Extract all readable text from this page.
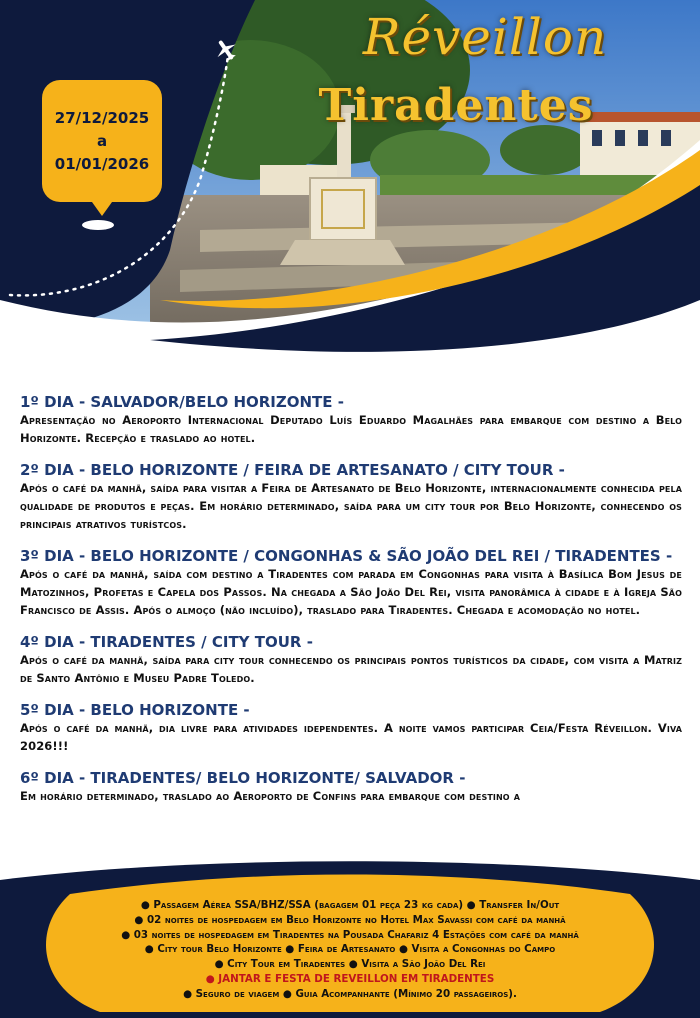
Réveillon
Tiradentes
27/12/2025
a
01/01/2026
1º DIA - SALVADOR/BELO HORIZONTE -
Apresentação no Aeroporto Internacional Deputado Luís Eduardo Magalhães para embarque com destino a Belo Horizonte. Recepção e traslado ao hotel.
2º DIA - BELO HORIZONTE / FEIRA DE ARTESANATO / CITY TOUR -
Após o café da manhã, saída para visitar a Feira de Artesanato de Belo Horizonte, internacionalmente conhecida pela qualidade de produtos e peças. Em horário determinado, saída para um city tour por Belo Horizonte, conhecendo os principais atrativos turístcos.
3º DIA - BELO HORIZONTE / CONGONHAS & SÃO JOÃO DEL REI / TIRADENTES -
Após o café da manhã, saída com destino a Tiradentes com parada em Congonhas para visita à Basílica Bom Jesus de Matozinhos, Profetas e Capela dos Passos. Na chegada a São João Del Rei, visita panorâmica à cidade e à Igreja São Francisco de Assis. Após o almoço (não incluído), traslado para Tiradentes. Chegada e acomodação no hotel.
4º DIA - TIRADENTES / CITY TOUR -
Após o café da manhã, saída para city tour conhecendo os principais pontos turísticos da cidade, com visita a Matriz de Santo Antônio e Museu Padre Toledo.
5º DIA - BELO HORIZONTE -
Após o café da manhã, dia livre para atividades idependentes. A noite vamos participar Ceia/Festa Réveillon. Viva 2026!!!
6º DIA - TIRADENTES/ BELO HORIZONTE/ SALVADOR -
Em horário determinado, traslado ao Aeroporto de Confins para embarque com destino a
● Passagem Aérea SSA/BHZ/SSA (bagagem 01 peça 23 kg cada) ● Transfer In/Out
● 02 noites de hospedagem em Belo Horizonte no Hotel Max Savassi com café da manhã
● 03 noites de hospedagem em Tiradentes na Pousada Chafariz 4 Estações com café da manhã
● City tour Belo Horizonte ● Feira de Artesanato ● Visita a Congonhas do Campo
● City Tour em Tiradentes ● Visita a São João Del Rei
● JANTAR E FESTA DE REVEILLON EM TIRADENTES
● Seguro de viagem ● Guia Acompanhante (Mínimo 20 passageiros).
